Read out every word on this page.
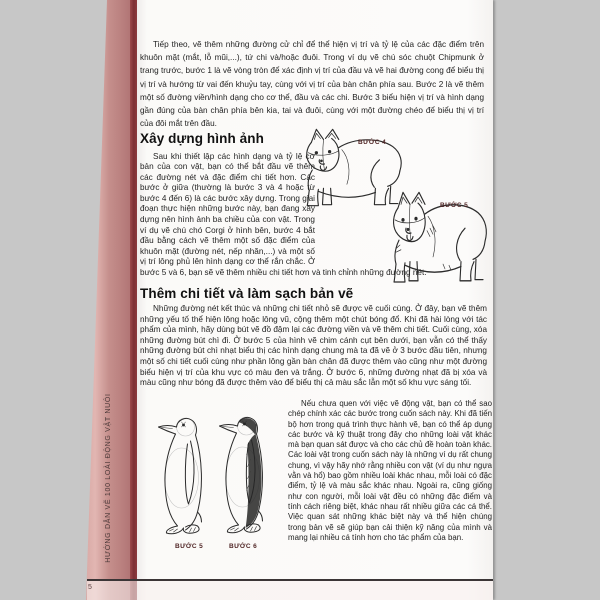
HƯỚNG DẪN VẼ 100 LOÀI ĐỘNG VẬT NUÔI

Tiếp theo, vẽ thêm những đường cử chỉ để thể hiện vị trí và tỷ lệ của các đặc điểm trên khuôn mặt (mắt, lỗ mũi,...), tứ chi và/hoặc đuôi. Trong ví dụ vẽ chú sóc chuột Chipmunk ở trang trước, bước 1 là vẽ vòng tròn để xác định vị trí của đầu và vẽ hai đường cong để biểu thị vị trí và hướng từ vai đến khuỷu tay, cùng với vị trí của bàn chân phía sau. Bước 2 là vẽ thêm một số đường viền/hình dạng cho cơ thể, đầu và các chi. Bước 3 biểu hiện vị trí và hình dạng gần đúng của bàn chân phía bên kia, tai và đuôi, cùng với một đường chéo để biểu thị vị trí của đôi mắt trên đầu.

Xây dựng hình ảnh

Sau khi thiết lập các hình dạng và tỷ lệ cơ bản của con vật, bạn có thể bắt đầu vẽ thêm các đường nét và đặc điểm chi tiết hơn. Các bước ở giữa (thường là bước 3 và 4 hoặc từ bước 4 đến 6) là các bước xây dựng. Trong giai đoạn thực hiện những bước này, bạn đang xây dựng nên hình ảnh ba chiều của con vật. Trong ví dụ vẽ chú chó Corgi ở hình bên, bước 4 bắt đầu bằng cách vẽ thêm một số đặc điểm của khuôn mặt (đường nét, nếp nhăn,...) và một số vị trí lông phủ lên hình dạng cơ thể rắn chắc. Ở bước 5 và 6, bạn sẽ vẽ thêm nhiều chi tiết hơn và tinh chỉnh những đường nét.

Thêm chi tiết và làm sạch bản vẽ

Những đường nét kết thúc và những chi tiết nhỏ sẽ được vẽ cuối cùng. Ở đây, bạn vẽ thêm những yếu tố thể hiện lông hoặc lông vũ, cộng thêm một chút bóng đổ. Khi đã hài lòng với tác phẩm của mình, hãy dùng bút vẽ đồ đậm lại các đường viền và vẽ thêm chi tiết. Cuối cùng, xóa những đường bút chì đi. Ở bước 5 của hình vẽ chim cánh cụt bên dưới, bạn vẫn có thể thấy những đường bút chì nhạt biểu thị các hình dạng chung mà ta đã vẽ ở 3 bước đầu tiên, nhưng một số chi tiết cuối cùng như phần lông gần bàn chân đã được thêm vào cũng như một đường biểu hiện vị trí của khu vực có màu đen và trắng. Ở bước 6, những đường nhạt đã bị xóa và màu cũng như bóng đã được thêm vào để biểu thị cả màu sắc lẫn một số khu vực sáng tối.

Nếu chưa quen với việc vẽ động vật, bạn có thể sao chép chính xác các bước trong cuốn sách này. Khi đã tiến bộ hơn trong quá trình thực hành vẽ, bạn có thể áp dụng các bước và kỹ thuật trong đây cho những loài vật khác mà bạn quan sát được và cho các chủ đề hoàn toàn khác. Các loài vật trong cuốn sách này là những ví dụ rất chung chung, vì vậy hãy nhớ rằng nhiều con vật (ví dụ như ngựa vằn và hổ) bao gồm nhiều loài khác nhau, mỗi loài có đặc điểm, tỷ lệ và màu sắc khác nhau. Ngoài ra, cũng giống như con người, mỗi loài vật đều có những đặc điểm và tính cách riêng biệt, khác nhau rất nhiều giữa các cá thể. Việc quan sát những khác biệt này và thể hiện chúng trong bản vẽ sẽ giúp bạn cải thiện kỹ năng của mình và mang lại nhiều cá tính hơn cho tác phẩm của bạn.

BƯỚC 4
BƯỚC 5
BƯỚC 5	BƯỚC 6
5
